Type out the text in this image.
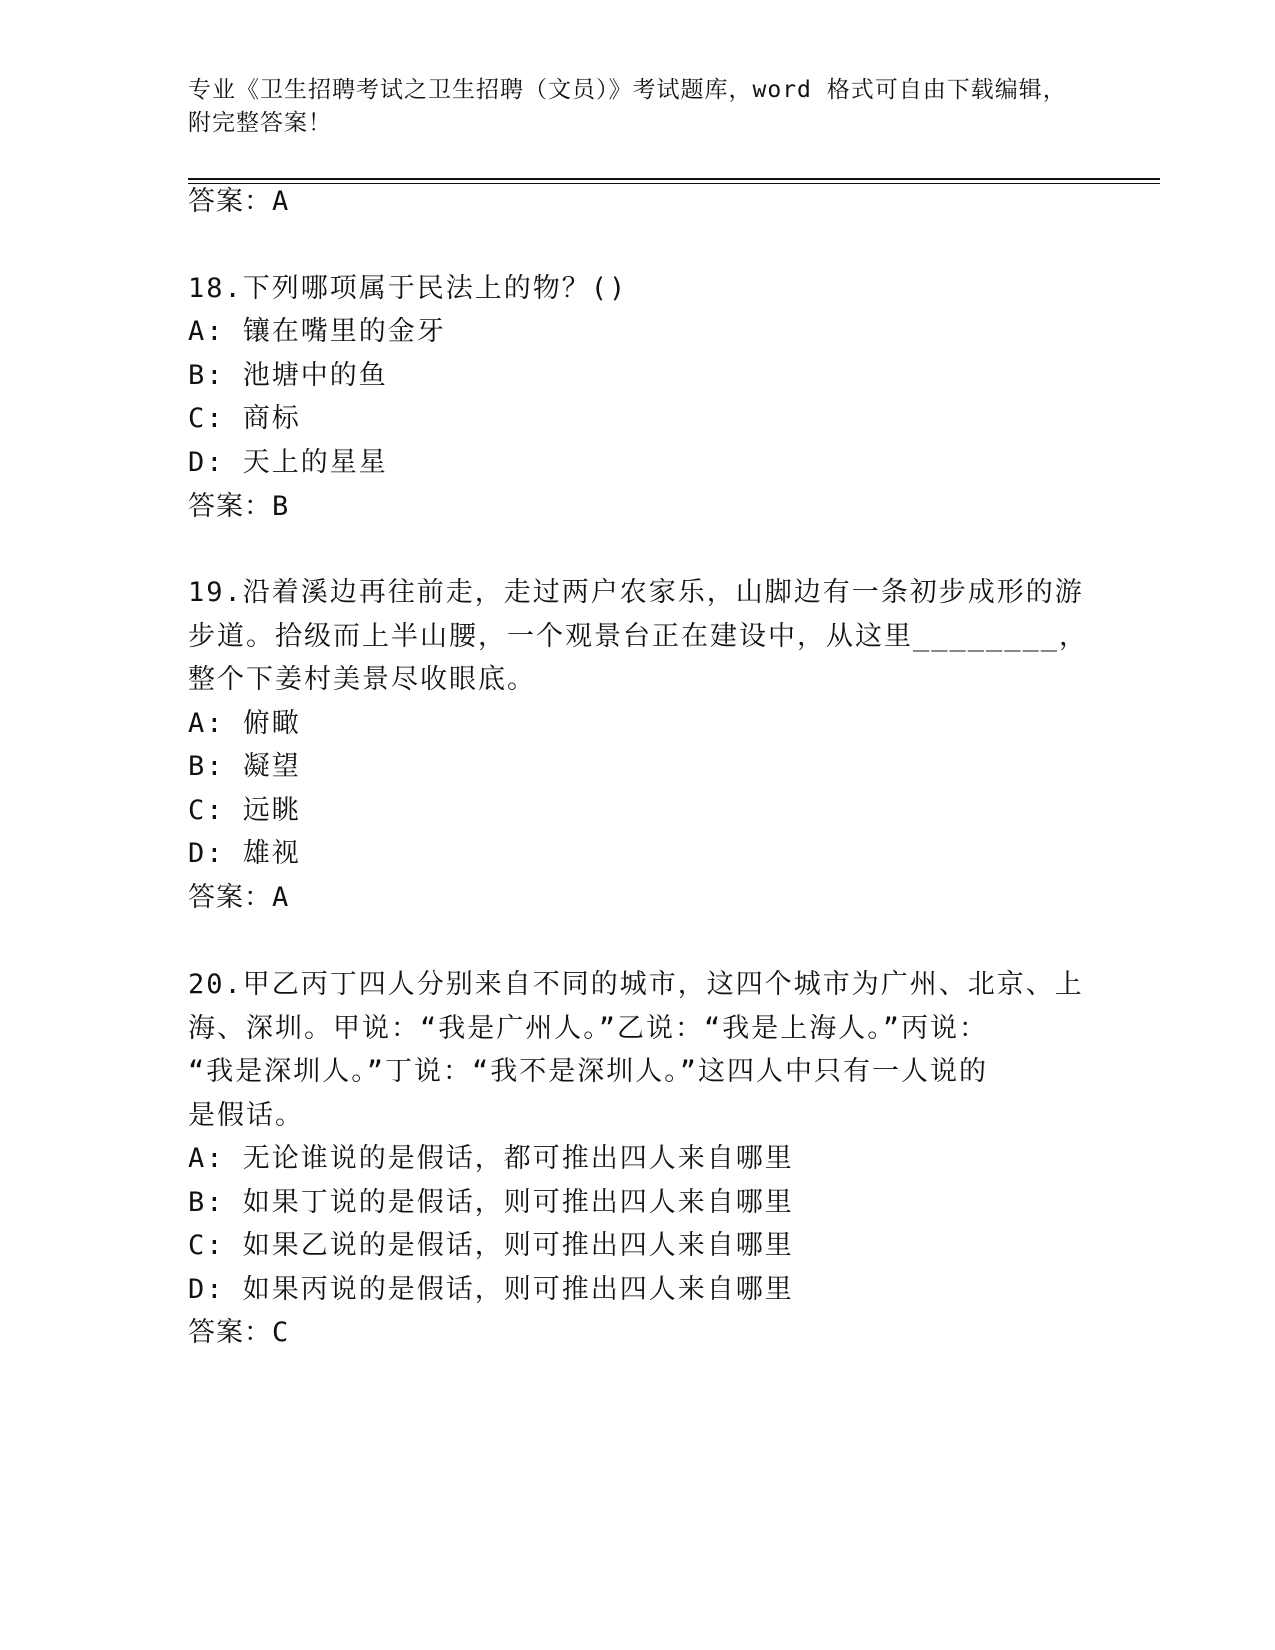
专业《卫生招聘考试之卫生招聘（文员）》考试题库，word 格式可自由下载编辑，附完整答案！
答案：A
18.下列哪项属于民法上的物？()
A: 镶在嘴里的金牙
B: 池塘中的鱼
C: 商标
D: 天上的星星
答案：B
19.沿着溪边再往前走，走过两户农家乐，山脚边有一条初步成形的游
步道。拾级而上半山腰，一个观景台正在建设中，从这里________，
整个下姜村美景尽收眼底。
A: 俯瞰
B: 凝望
C: 远眺
D: 雄视
答案：A
20.甲乙丙丁四人分别来自不同的城市，这四个城市为广州、北京、上
海、深圳。甲说：“我是广州人。”乙说：“我是上海人。”丙说：
“我是深圳人。”丁说：“我不是深圳人。”这四人中只有一人说的
是假话。
A: 无论谁说的是假话，都可推出四人来自哪里
B: 如果丁说的是假话，则可推出四人来自哪里
C: 如果乙说的是假话，则可推出四人来自哪里
D: 如果丙说的是假话，则可推出四人来自哪里
答案：C
